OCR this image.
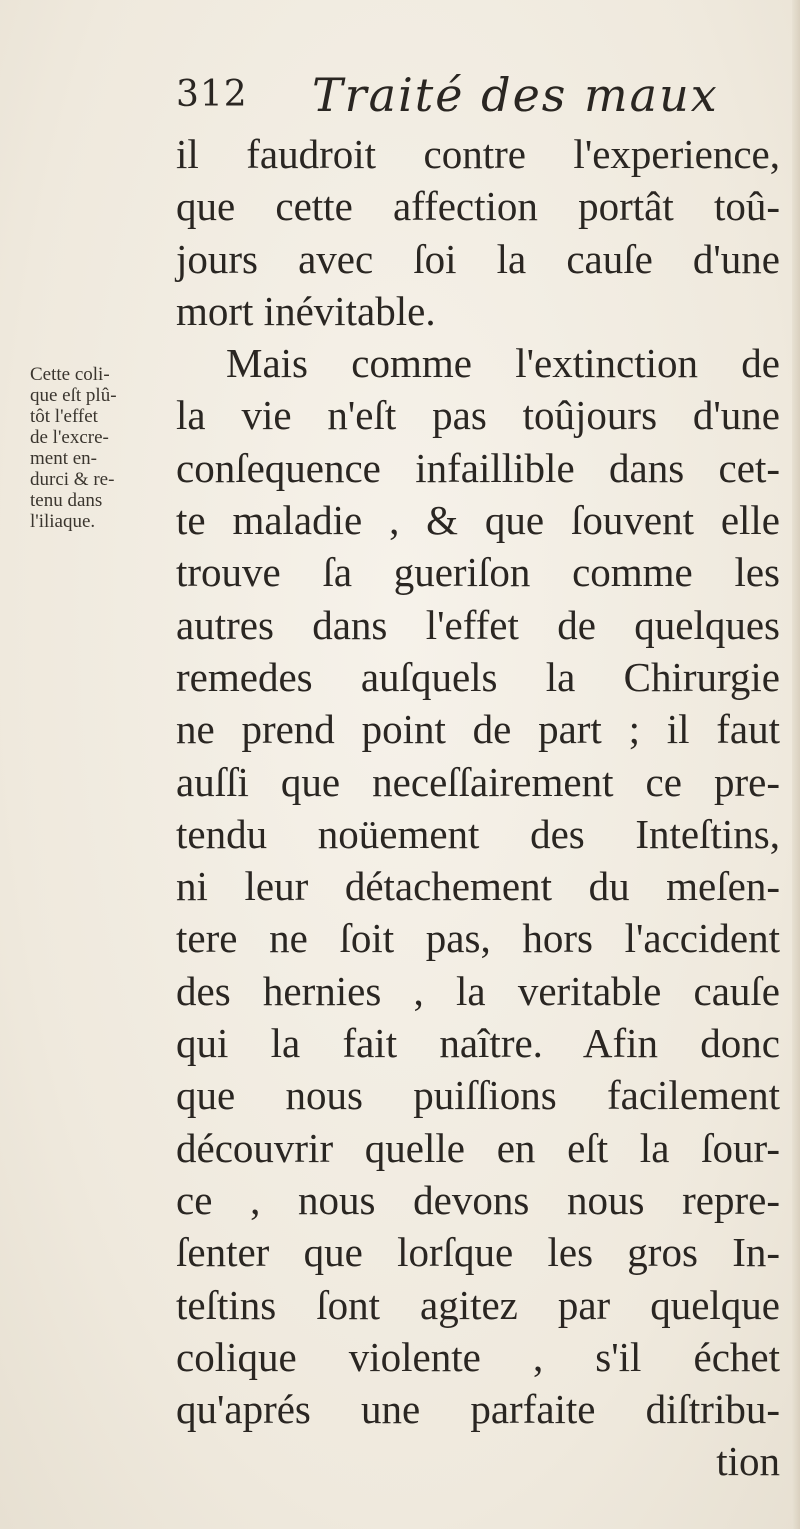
312 Traité des maux
Cette coli-
que eſt plû-
tôt l'effet
de l'excre-
ment en-
durci & re-
tenu dans
l'iliaque.
il faudroit contre l'experience,
que cette affection portât toû-
jours avec ſoi la cauſe d'une
mort inévitable.
Mais comme l'extinction de
la vie n'eſt pas toûjours d'une
conſequence infaillible dans cet-
te maladie , & que ſouvent elle
trouve ſa gueriſon comme les
autres dans l'effet de quelques
remedes auſquels la Chirurgie
ne prend point de part ; il faut
auſſi que neceſſairement ce pre-
tendu noüement des Inteſtins,
ni leur détachement du meſen-
tere ne ſoit pas, hors l'accident
des hernies , la veritable cauſe
qui la fait naître. Afin donc
que nous puiſſions facilement
découvrir quelle en eſt la ſour-
ce , nous devons nous repre-
ſenter que lorſque les gros In-
teſtins ſont agitez par quelque
colique violente , s'il échet
qu'aprés une parfaite diſtribu-
tion
